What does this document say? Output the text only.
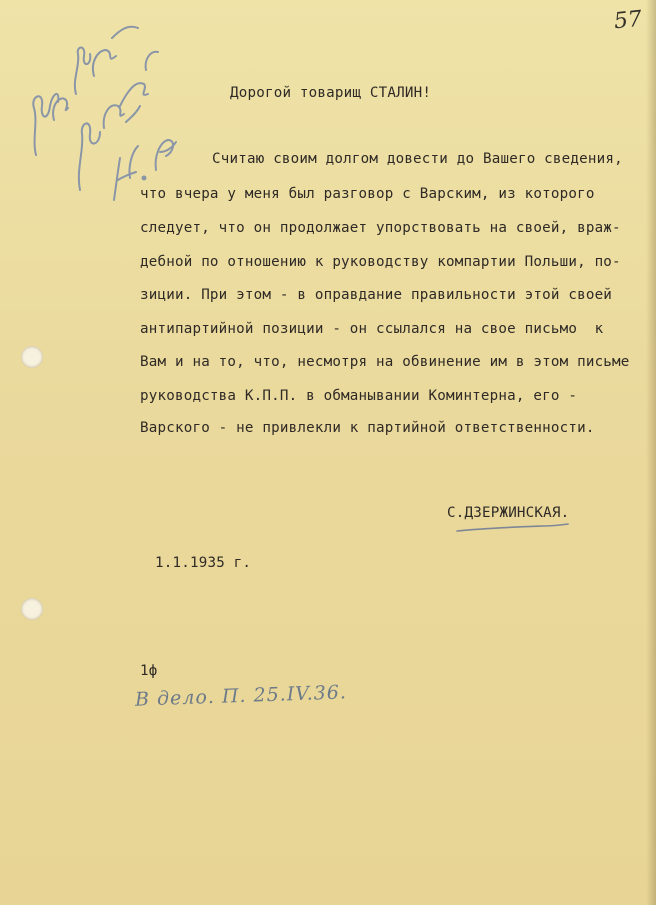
57
Дорогой товарищ СТАЛИН!
Считаю своим долгом довести до Вашего сведения,
что вчера у меня был разговор с Варским, из которого
следует, что он продолжает упорствовать на своей, враж-
дебной по отношению к руководству компартии Польши, по-
зиции. При этом - в оправдание правильности этой своей
антипартийной позиции - он ссылался на свое письмо  к
Вам и на то, что, несмотря на обвинение им в этом письме
руководства К.П.П. в обманывании Коминтерна, его -
Варского - не привлекли к партийной ответственности.
С.ДЗЕРЖИНСКАЯ.
1.1.1935 г.
1ф
В дело. П. 25.IV.36.
